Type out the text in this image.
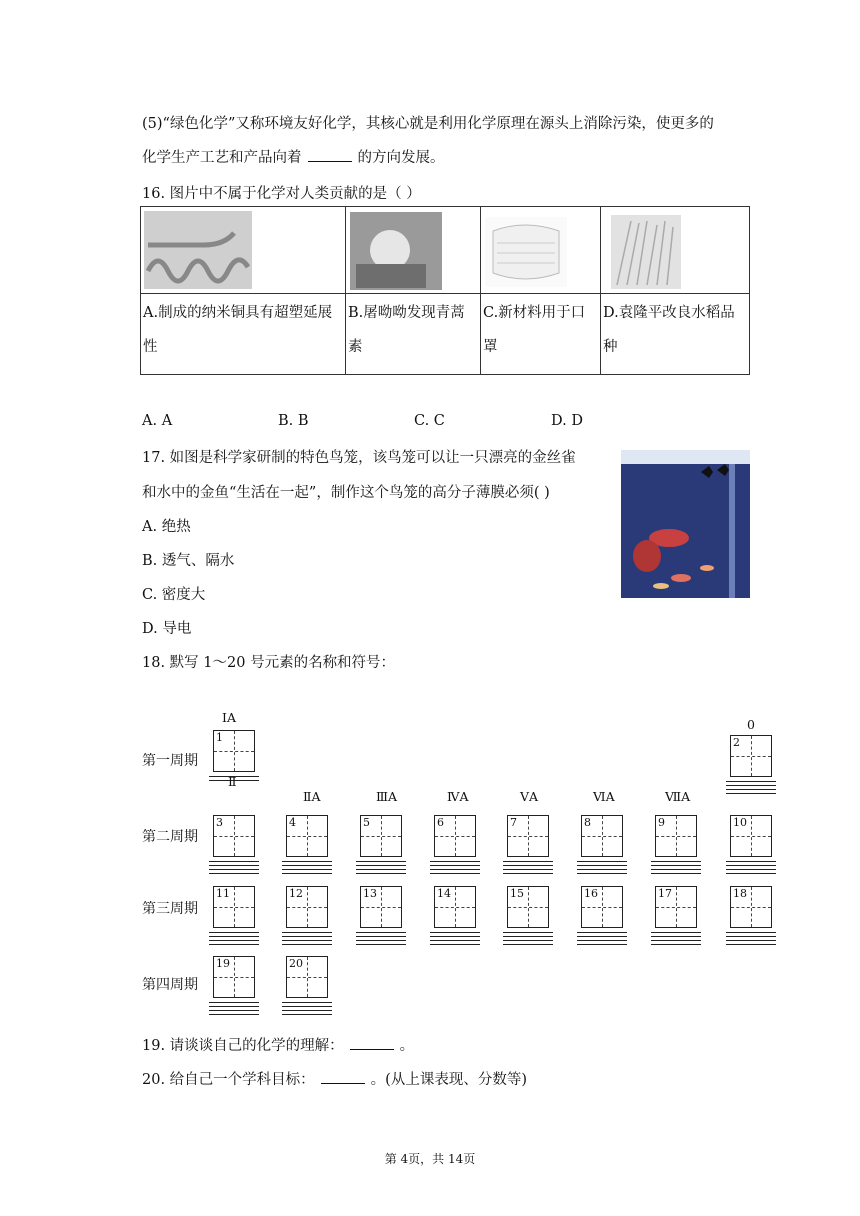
(5)“绿色化学”又称环境友好化学，其核心就是利用化学原理在源头上消除污染，使更多的
化学生产工艺和产品向着	的方向发展。
16. 图片中不属于化学对人类贡献的是（ ）

A.制成的纳米铜具有超塑延展性	B.屠呦呦发现青蒿素	C.新材料用于口罩	D.袁隆平改良水稻品种
A. A	B. B	C. C	D. D
17. 如图是科学家研制的特色鸟笼，该鸟笼可以让一只漂亮的金丝雀
和水中的金鱼“生活在一起”，制作这个鸟笼的高分子薄膜必须( )
A. 绝热
B. 透气、隔水
C. 密度大
D. 导电
18. 默写 1～20 号元素的名称和符号：
ⅠA
Ⅱ
ⅡA	ⅢA	ⅣA	ⅤA	ⅥA	ⅦA
0
第一周期
第二周期
第三周期
第四周期
1	2
3	4	5	6	7	8	9	10
11	12	13	14	15	16	17	18
19	20
19. 请谈谈自己的化学的理解：	。
20. 给自己一个学科目标：	。(从上课表现、分数等)
第 4页，共 14页
